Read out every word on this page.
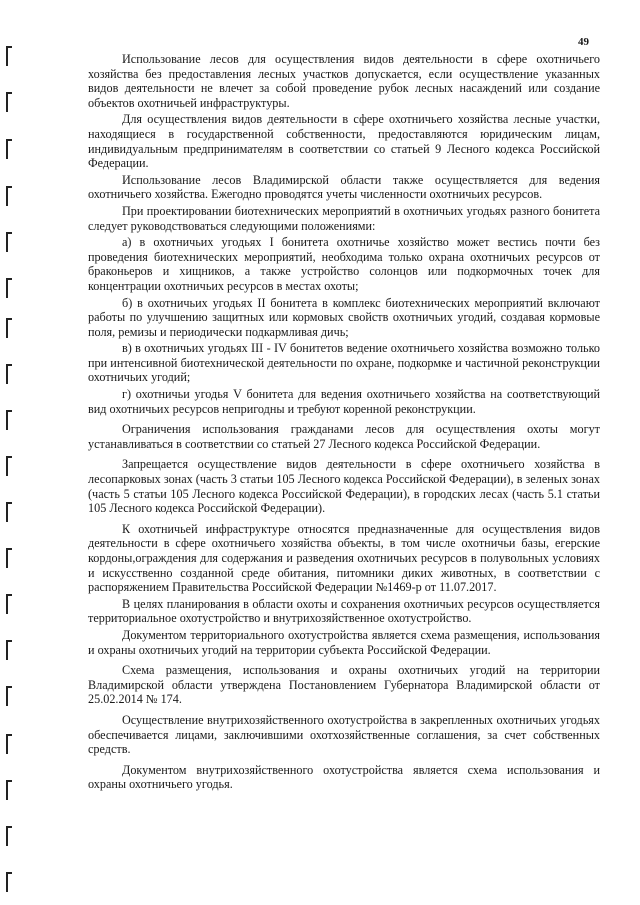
49

Использование лесов для осуществления видов деятельности в сфере охотничьего хозяйства без предоставления лесных участков допускается, если осуществление указанных видов деятельности не влечет за собой проведение рубок лесных насаждений или создание объектов охотничьей инфраструктуры.

Для осуществления видов деятельности в сфере охотничьего хозяйства лесные участки, находящиеся в государственной собственности, предоставляются юридическим лицам, индивидуальным предпринимателям в соответствии со статьей 9 Лесного кодекса Российской Федерации.

Использование лесов Владимирской области также осуществляется для ведения охотничьего хозяйства. Ежегодно проводятся учеты численности охотничьих ресурсов.

При проектировании биотехнических мероприятий в охотничьих угодьях разного бонитета следует руководствоваться следующими положениями:

а) в охотничьих угодьях I бонитета охотничье хозяйство может вестись почти без проведения биотехнических мероприятий, необходима только охрана охотничьих ресурсов от браконьеров и хищников, а также устройство солонцов или подкормочных точек для концентрации охотничьих ресурсов в местах охоты;

б) в охотничьих угодьях II бонитета в комплекс биотехнических мероприятий включают работы по улучшению защитных или кормовых свойств охотничьих угодий, создавая кормовые поля, ремизы и периодически подкармливая дичь;

в) в охотничьих угодьях III - IV бонитетов ведение охотничьего хозяйства возможно только при интенсивной биотехнической деятельности по охране, подкормке и частичной реконструкции охотничьих угодий;

г) охотничьи угодья V бонитета для ведения охотничьего хозяйства на соответствующий вид охотничьих ресурсов непригодны и требуют коренной реконструкции.

Ограничения использования гражданами лесов для осуществления охоты могут устанавливаться в соответствии со статьей 27 Лесного кодекса Российской Федерации.

Запрещается осуществление видов деятельности в сфере охотничьего хозяйства в лесопарковых зонах (часть 3 статьи 105 Лесного кодекса Российской Федерации), в зеленых зонах (часть 5 статьи 105 Лесного кодекса Российской Федерации), в городских лесах (часть 5.1 статьи 105 Лесного кодекса Российской Федерации).

К охотничьей инфраструктуре относятся предназначенные для осуществления видов деятельности в сфере охотничьего хозяйства объекты, в том числе охотничьи базы, егерские кордоны,ограждения для содержания и разведения охотничьих ресурсов в полувольных условиях и искусственно созданной среде обитания, питомники диких животных, в соответствии с распоряжением Правительства Российской Федерации №1469-р от 11.07.2017.

В целях планирования в области охоты и сохранения охотничьих ресурсов осуществляется территориальное охотустройство и внутрихозяйственное охотустройство.

Документом территориального охотустройства является схема размещения, использования и охраны охотничьих угодий на территории субъекта Российской Федерации.

Схема размещения, использования и охраны охотничьих угодий на территории Владимирской области утверждена Постановлением Губернатора Владимирской области от 25.02.2014 № 174.

Осуществление внутрихозяйственного охотустройства в закрепленных охотничьих угодьях обеспечивается лицами, заключившими охотхозяйственные соглашения, за счет собственных средств.

Документом внутрихозяйственного охотустройства является схема использования и охраны охотничьего угодья.
